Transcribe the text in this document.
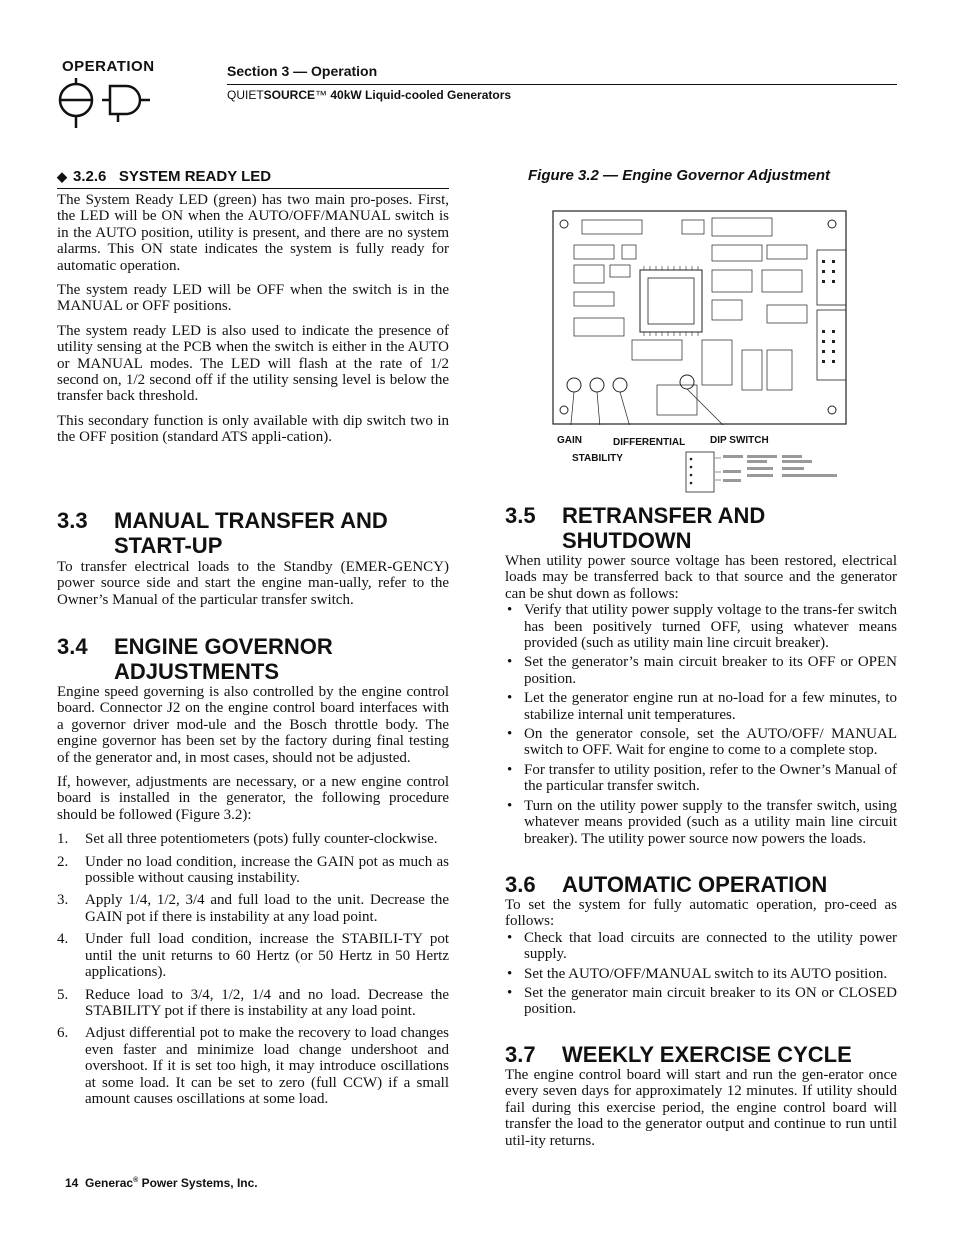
OPERATION	Section 3 — Operation
QUIETSOURCE™ 40kW Liquid-cooled Generators
◆ 3.2.6   SYSTEM READY LED

The System Ready LED (green) has two main pro-poses. First, the LED will be ON when the AUTO/OFF/MANUAL switch is in the AUTO position, utility is present, and there are no system alarms. This ON state indicates the system is fully ready for automatic operation.

The system ready LED will be OFF when the switch is in the MANUAL or OFF positions.

The system ready LED is also used to indicate the presence of utility sensing at the PCB when the switch is either in the AUTO or MANUAL modes. The LED will flash at the rate of 1/2 second on, 1/2 second off if the utility sensing level is below the transfer back threshold.

This secondary function is only available with dip switch two in the OFF position (standard ATS appli-cation).

3.3	MANUAL TRANSFER AND START-UP

To transfer electrical loads to the Standby (EMER-GENCY) power source side and start the engine man-ually, refer to the Owner’s Manual of the particular transfer switch.

3.4	ENGINE GOVERNOR ADJUSTMENTS

Engine speed governing is also controlled by the engine control board. Connector J2 on the engine control board interfaces with a governor driver mod-ule and the Bosch throttle body. The engine governor has been set by the factory during final testing of the generator and, in most cases, should not be adjusted.

If, however, adjustments are necessary, or a new engine control board is installed in the generator, the following procedure should be followed (Figure 3.2):

1.	Set all three potentiometers (pots) fully counter-clockwise.
2.	Under no load condition, increase the GAIN pot as much as possible without causing instability.
3.	Apply 1/4, 1/2, 3/4 and full load to the unit. Decrease the GAIN pot if there is instability at any load point.
4.	Under full load condition, increase the STABILI-TY pot until the unit returns to 60 Hertz (or 50 Hertz in 50 Hertz applications).
5.	Reduce load to 3/4, 1/2, 1/4 and no load. Decrease the STABILITY pot if there is instability at any load point.
6.	Adjust differential pot to make the recovery to load changes even faster and minimize load change undershoot and overshoot. If it is set too high, it may introduce oscillations at some load. It can be set to zero (full CCW) if a small amount causes oscillations at some load.
Figure 3.2 — Engine Governor Adjustment
GAIN	DIFFERENTIAL DIP SWITCH
STABILITY
3.5	RETRANSFER AND SHUTDOWN

When utility power source voltage has been restored, electrical loads may be transferred back to that source and the generator can be shut down as follows:

• Verify that utility power supply voltage to the trans-fer switch has been positively turned OFF, using whatever means provided (such as utility main line circuit breaker).
• Set the generator’s main circuit breaker to its OFF or OPEN position.
• Let the generator engine run at no-load for a few minutes, to stabilize internal unit temperatures.
• On the generator console, set the AUTO/OFF/ MANUAL switch to OFF. Wait for engine to come to a complete stop.
• For transfer to utility position, refer to the Owner’s Manual of the particular transfer switch.
• Turn on the utility power supply to the transfer switch, using whatever means provided (such as a utility main line circuit breaker). The utility power source now powers the loads.
3.6	AUTOMATIC OPERATION

To set the system for fully automatic operation, pro-ceed as follows:

• Check that load circuits are connected to the utility power supply.
• Set the AUTO/OFF/MANUAL switch to its AUTO position.
• Set the generator main circuit breaker to its ON or CLOSED position.
3.7	WEEKLY EXERCISE CYCLE

The engine control board will start and run the gen-erator once every seven days for approximately 12 minutes. If utility should fail during this exercise period, the engine control board will transfer the load to the generator output and continue to run until util-ity returns.

14 Generac® Power Systems, Inc.
